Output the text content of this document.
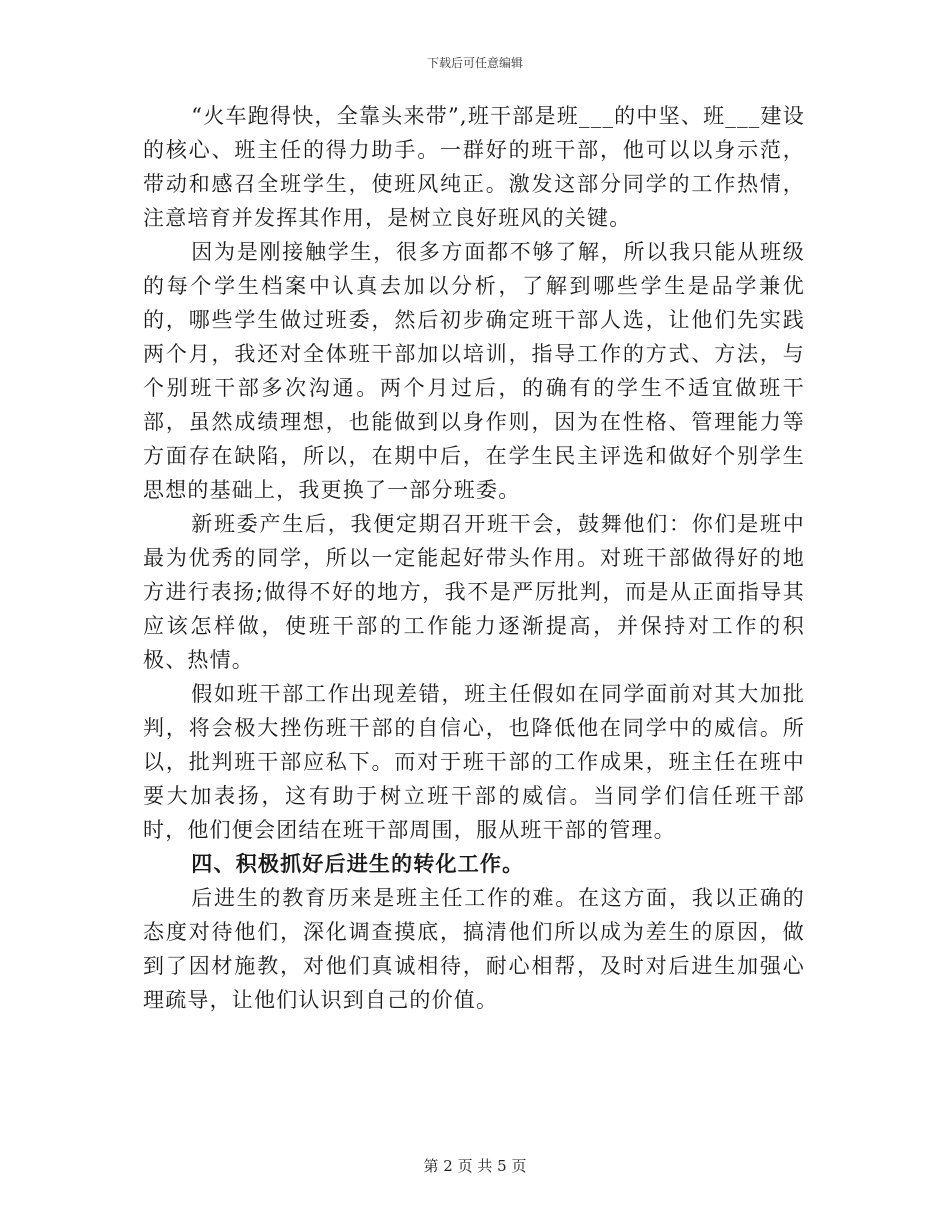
下载后可任意编辑

“火车跑得快，全靠头来带”,班干部是班___的中坚、班___建设的核心、班主任的得力助手。一群好的班干部，他可以以身示范，带动和感召全班学生，使班风纯正。激发这部分同学的工作热情，注意培育并发挥其作用，是树立良好班风的关键。

因为是刚接触学生，很多方面都不够了解，所以我只能从班级的每个学生档案中认真去加以分析，了解到哪些学生是品学兼优的，哪些学生做过班委，然后初步确定班干部人选，让他们先实践两个月，我还对全体班干部加以培训，指导工作的方式、方法，与个别班干部多次沟通。两个月过后，的确有的学生不适宜做班干部，虽然成绩理想，也能做到以身作则，因为在性格、管理能力等方面存在缺陷，所以，在期中后，在学生民主评选和做好个别学生思想的基础上，我更换了一部分班委。

新班委产生后，我便定期召开班干会，鼓舞他们：你们是班中最为优秀的同学，所以一定能起好带头作用。对班干部做得好的地方进行表扬;做得不好的地方，我不是严厉批判，而是从正面指导其应该怎样做，使班干部的工作能力逐渐提高，并保持对工作的积极、热情。

假如班干部工作出现差错，班主任假如在同学面前对其大加批判，将会极大挫伤班干部的自信心，也降低他在同学中的威信。所以，批判班干部应私下。而对于班干部的工作成果，班主任在班中要大加表扬，这有助于树立班干部的威信。当同学们信任班干部时，他们便会团结在班干部周围，服从班干部的管理。

四、积极抓好后进生的转化工作。

后进生的教育历来是班主任工作的难。在这方面，我以正确的态度对待他们，深化调查摸底，搞清他们所以成为差生的原因，做到了因材施教，对他们真诚相待，耐心相帮，及时对后进生加强心理疏导，让他们认识到自己的价值。

第 2 页 共 5 页
